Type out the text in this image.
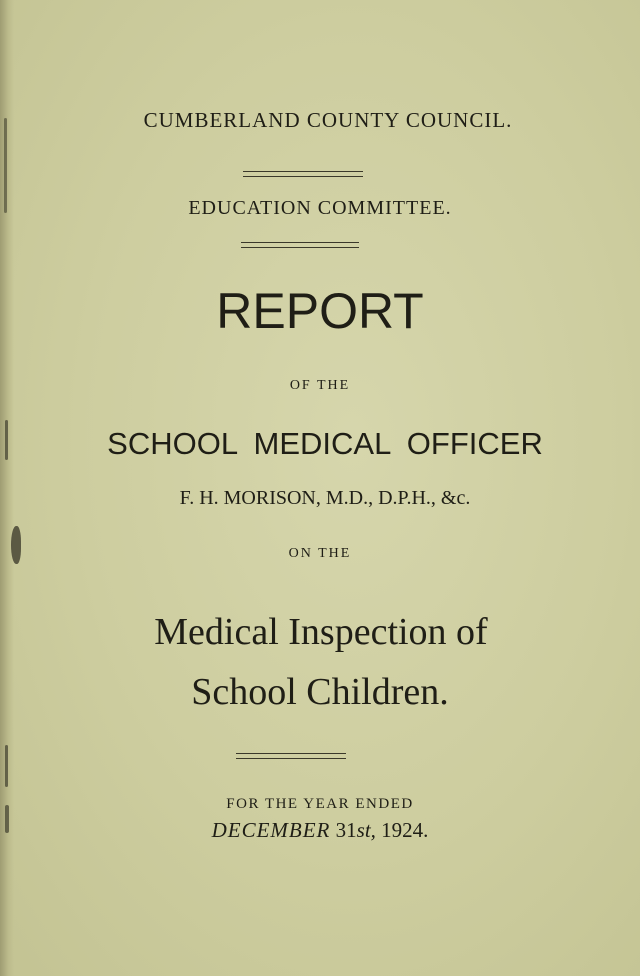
CUMBERLAND COUNTY COUNCIL.
EDUCATION COMMITTEE.
REPORT
OF THE
SCHOOL MEDICAL OFFICER
F. H. MORISON, M.D., D.P.H., &c.
ON THE
Medical Inspection of
School Children.
FOR THE YEAR ENDED
DECEMBER 31st, 1924.
